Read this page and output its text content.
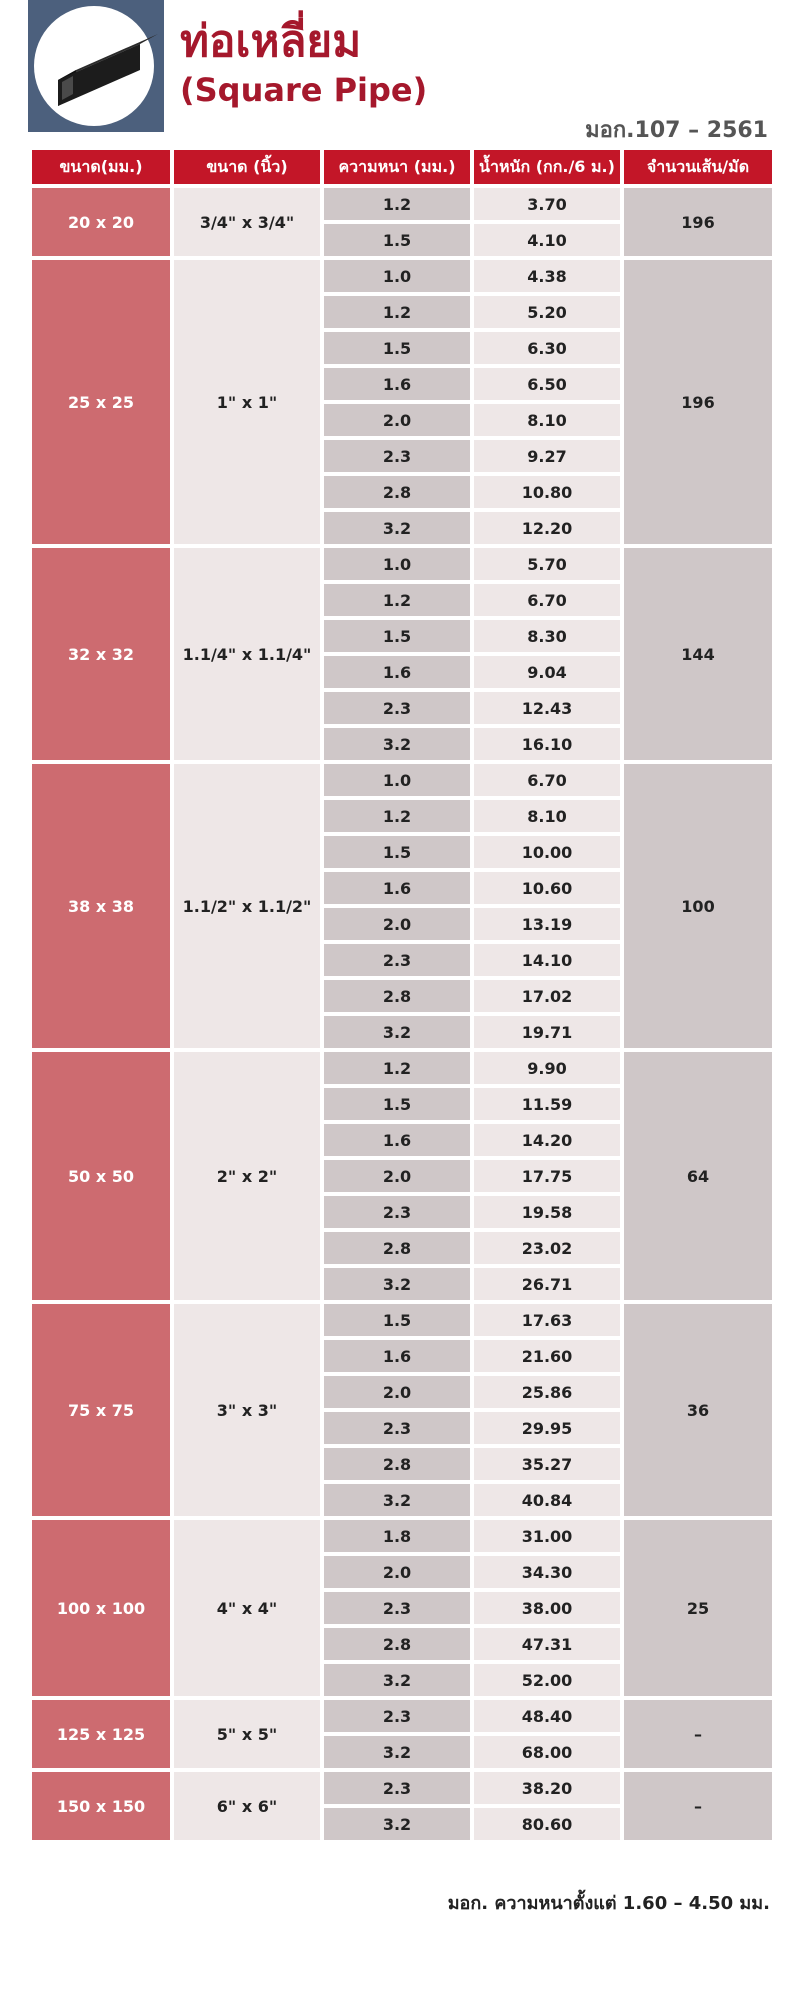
ท่อเหลี่ยม
(Square Pipe)
มอก.107 – 2561
ขนาด(มม.)	ขนาด (นิ้ว)	ความหนา (มม.)	น้ำหนัก (กก./6 ม.)	จำนวนเส้น/มัด
20 x 20	3/4" x 3/4"	1.2	3.70	196
		1.5	4.10	
25 x 25	1" x 1"	1.0	4.38	196
		1.2	5.20	
		1.5	6.30	
		1.6	6.50	
		2.0	8.10	
		2.3	9.27	
		2.8	10.80	
		3.2	12.20	
32 x 32	1.1/4" x 1.1/4"	1.0	5.70	144
		1.2	6.70	
		1.5	8.30	
		1.6	9.04	
		2.3	12.43	
		3.2	16.10	
38 x 38	1.1/2" x 1.1/2"	1.0	6.70	100
		1.2	8.10	
		1.5	10.00	
		1.6	10.60	
		2.0	13.19	
		2.3	14.10	
		2.8	17.02	
		3.2	19.71	
50 x 50	2" x 2"	1.2	9.90	64
		1.5	11.59	
		1.6	14.20	
		2.0	17.75	
		2.3	19.58	
		2.8	23.02	
		3.2	26.71	
75 x 75	3" x 3"	1.5	17.63	36
		1.6	21.60	
		2.0	25.86	
		2.3	29.95	
		2.8	35.27	
		3.2	40.84	
100 x 100	4" x 4"	1.8	31.00	25
		2.0	34.30	
		2.3	38.00	
		2.8	47.31	
		3.2	52.00	
125 x 125	5" x 5"	2.3	48.40	–
		3.2	68.00	
150 x 150	6" x 6"	2.3	38.20	–
		3.2	80.60	
มอก. ความหนาตั้งแต่ 1.60 – 4.50 มม.
